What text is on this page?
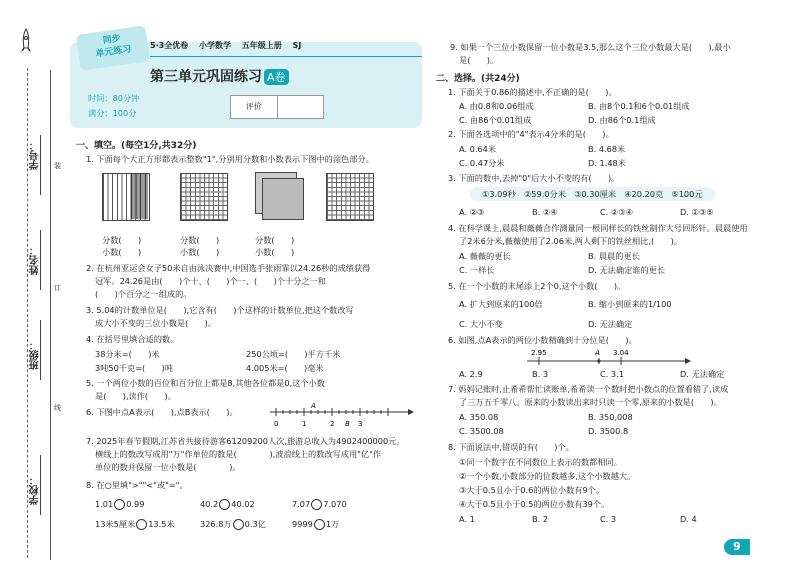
学号：
姓名：
班级：
学校：
装
订
线
同步
单元练习	5·3全优卷　 小学数学　 五年级上册　 SJ
第三单元巩固练习 A卷
时间：80分钟
满分：100分
评价
一、填空。(每空1分,共32分)
1. 下面每个大正方形都表示整数"1",分别用分数和小数表示下图中的涂色部分。
分数(　　)	分数(　　)	分数(　　)
小数(　　)	小数(　　)	小数(　　)
2. 在杭州亚运会女子50米自由泳决赛中,中国选手张雨霏以24.26秒的成绩获得
冠军。24.26是由(　　)个十、(　　)个一、(　　)个十分之一和
(　　)个百分之一组成的。
3. 5.04的计数单位是(　　),它含有(　　)个这样的计数单位,把这个数改写
成大小不变的三位小数是(　　)。
4. 在括号里填合适的数。
38分米=(　　)米	250公顷=(　　)平方千米
3吨50千克=(　　)吨	4.005米=(　　)毫米
5. 一个两位小数的百位和百分位上都是8,其他各位都是0,这个小数
是(　　),读作(　　)。
6. 下图中点A表示(　　),点B表示(　　)。
A
0	1	2 B 3
7. 2025年春节假期,江苏省共接待游客61209200人次,旅游总收入为4902400000元。
横线上的数改写成用"万"作单位的数是(　　　　),波浪线上的数改写成用"亿"作
单位的数并保留一位小数是(　　　　)。
8. 在○里填">""<"或"="。
1.01 0.99	40.2 40.02	7.07 7.070
13米5厘米 13.5米	326.8万 0.3亿	9999 1万
9. 如果一个三位小数保留一位小数是3.5,那么这个三位小数最大是(　　),最小
是(　　)。
二、选择。(共24分)
1. 下面关于0.86的描述中,不正确的是(　　)。
A. 由0.8和0.06组成	B. 由8个0.1和6个0.01组成
C. 由86个0.01组成	D. 由86个0.1组成
2. 下面各选项中的"4"表示4分米的是(　　)。
A. 0.64米	B. 4.68米
C. 0.47分米	D. 1.48米
3. 下面的数中,去掉"0"后大小不变的有(　　)。
①3.09秒　②59.0分米　③0.30厘米　④20.20克　⑤100元
A. ②③	B. ②④	C. ②③④	D. ①③⑤
4. 在科学课上,晨晨和薇薇合作测量同一根同样长的铁丝制作大号回形针。晨晨使用
了2米6分米,薇薇使用了2.06米,两人剩下的铁丝相比,(　　)。
A. 薇薇的更长	B. 晨晨的更长
C. 一样长	D. 无法确定谁的更长
5. 在一个小数的末尾添上2个0,这个小数(　　)。
A. 扩大到原来的100倍	B. 缩小到原来的1/100
C. 大小不变	D. 无法确定
6. 如图,点A表示的两位小数精确到十分位是(　　)。
2.95	A 3.04
A. 2.9	B. 3	C. 3.1	D. 无法确定
7. 妈妈记账时,止希希帮忙读账单,希希读一个数时把小数点的位置看错了,读成
了三万五千零八。原来的小数读出来时只读一个零,原来的小数是(　　)。
A. 350.08	B. 350,008
C. 3500.08	D. 3500.8
8. 下面说法中,错误的有(　　)个。
①同一个数字在不同数位上表示的数都相同。
②一个小数,小数部分的位数越多,这个小数越大。
③大于0.5且小于0.6的两位小数有9个。
④大于0.5且小于0.5的两位小数有39个。
A. 1	B. 2	C. 3	D. 4
9
